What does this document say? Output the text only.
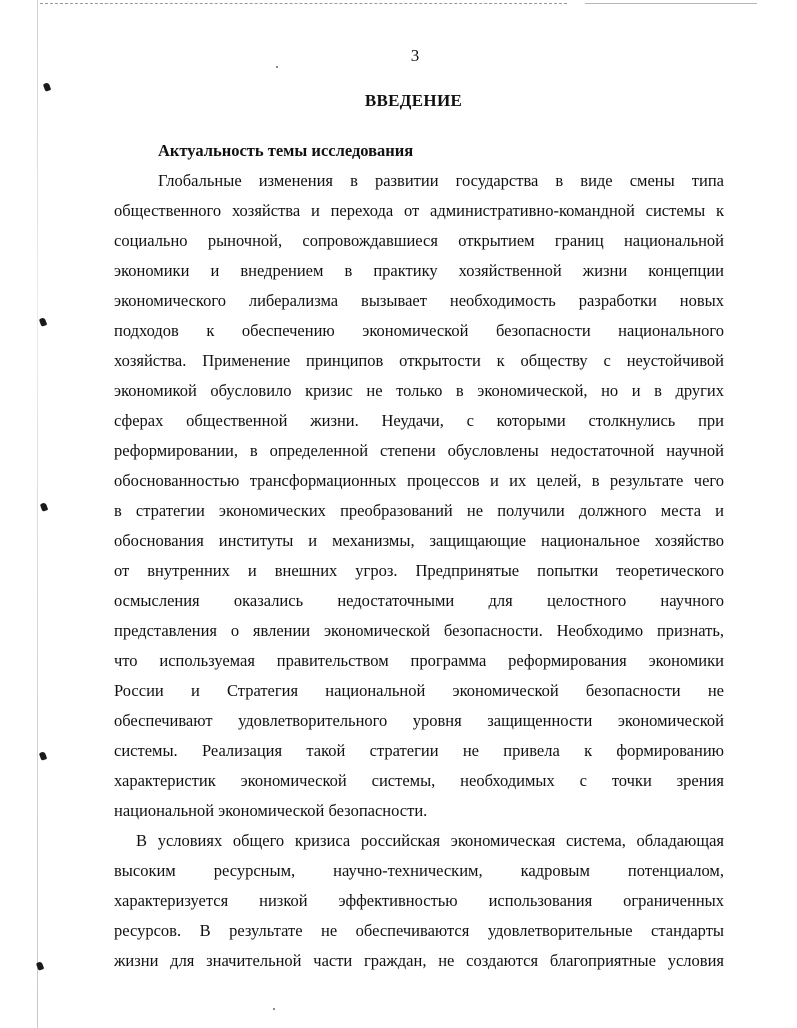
3
ВВЕДЕНИЕ
Актуальность темы исследования
Глобальные изменения в развитии государства в виде смены типа
общественного хозяйства и перехода от административно-командной системы к
социально рыночной, сопровождавшиеся открытием границ национальной
экономики и внедрением в практику хозяйственной жизни концепции
экономического либерализма вызывает необходимость разработки новых
подходов к обеспечению экономической безопасности национального
хозяйства. Применение принципов открытости к обществу с неустойчивой
экономикой обусловило кризис не только в экономической, но и в других
сферах общественной жизни. Неудачи, с которыми столкнулись при
реформировании, в определенной степени обусловлены недостаточной научной
обоснованностью трансформационных процессов и их целей, в результате чего
в стратегии экономических преобразований не получили должного места и
обоснования институты и механизмы, защищающие национальное хозяйство
от внутренних и внешних угроз. Предпринятые попытки теоретического
осмысления оказались недостаточными для целостного научного
представления о явлении экономической безопасности. Необходимо признать,
что используемая правительством программа реформирования экономики
России и Стратегия национальной экономической безопасности не
обеспечивают удовлетворительного уровня защищенности экономической
системы. Реализация такой стратегии не привела к формированию
характеристик экономической системы, необходимых с точки зрения
национальной экономической безопасности.
В условиях общего кризиса российская экономическая система, обладающая
высоким ресурсным, научно-техническим, кадровым потенциалом,
характеризуется низкой эффективностью использования ограниченных
ресурсов. В результате не обеспечиваются удовлетворительные стандарты
жизни для значительной части граждан, не создаются благоприятные условия
